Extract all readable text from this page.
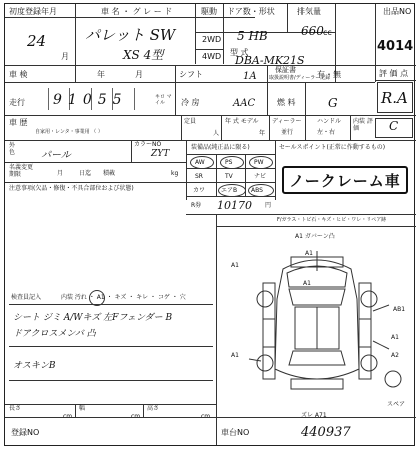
初度登録年月
24
月
車 名 ・ グ レ ー ド
パレット SW
XS 4型
駆動
2WD
4WD
ドア数・形状
5 HB
型 式
DBA-MK21S
排気量
660 cc
出品NO
4014
車 検	年	月	シフト	1A
保証書
取扱説明書/ディーラー記録
有・無	評 価 点
R.A
走行 91055	キロ マイル	冷 房	AAC	燃 料	G
車 歴
自家用・レンタ・事業用 （ ）
定員
人
年 式 モデル
年
ディーラー
並行
ハンドル
左・右
内装 評価	C
外 色	パール
カラーNO
ZYT
名義変更 期限	月	日迄 積載	kg
注意事項(欠品・修復・不具合部位および状態)
装備品(純正品に限る)
AW	PS	PW
SR	TV	ナビ
カワ	エアB ABS
R券 10170 円
セールスポイント(正常に作動するもの)
ノークレーム車
F/ガラス・トビ石・キズ・ヒビ・ワレ・リペア跡
検査員記入	内装 汚れ ・ A1 ・ キズ ・ キレ ・ コゲ ・ 穴
シート ジミ A/Wキズ 左Fフェンダー B
ドアクロスメンバ 凸
オスキンB
A1 ガバーン凸
A1
A1
A1
AB1
A1
A1	A2
ズレ A71
スペア
長さ
cm
幅
cm
高さ
cm
登録NO	車台NO	440937
